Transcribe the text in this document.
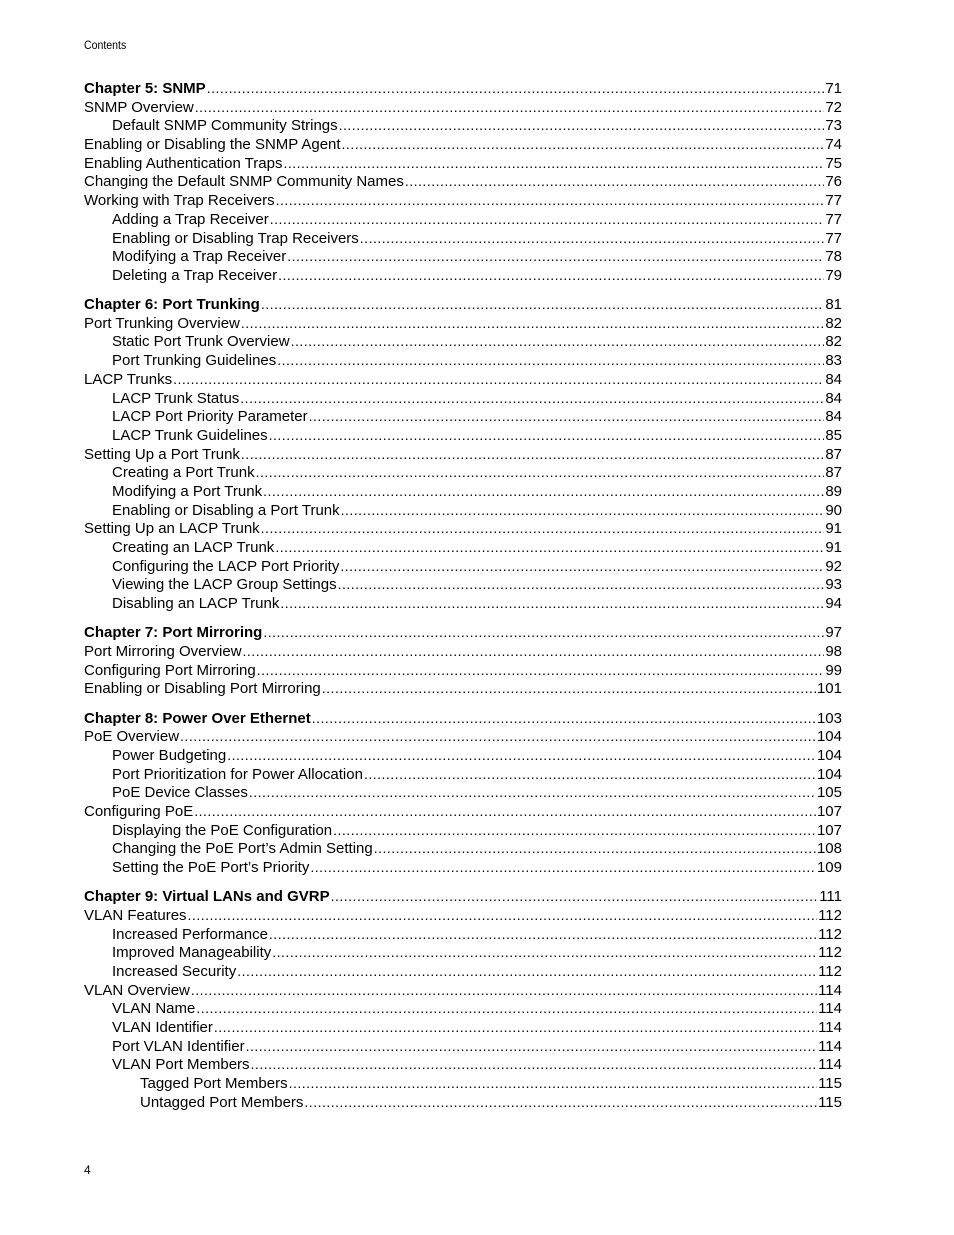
Contents
Chapter 5: SNMP .....	71
SNMP Overview .....	72
Default SNMP Community Strings .....	73
Enabling or Disabling the SNMP Agent .....	74
Enabling Authentication Traps .....	75
Changing the Default SNMP Community Names .....	76
Working with Trap Receivers .....	77
Adding a Trap Receiver .....	77
Enabling or Disabling Trap Receivers .....	77
Modifying a Trap Receiver .....	78
Deleting a Trap Receiver .....	79
Chapter 6: Port Trunking .....	81
Port Trunking Overview .....	82
Static Port Trunk Overview .....	82
Port Trunking Guidelines .....	83
LACP Trunks .....	84
LACP Trunk Status .....	84
LACP Port Priority Parameter .....	84
LACP Trunk Guidelines .....	85
Setting Up a Port Trunk .....	87
Creating a Port Trunk .....	87
Modifying a Port Trunk .....	89
Enabling or Disabling a Port Trunk .....	90
Setting Up an LACP Trunk .....	91
Creating an LACP Trunk .....	91
Configuring the LACP Port Priority .....	92
Viewing the LACP Group Settings .....	93
Disabling an LACP Trunk .....	94
Chapter 7: Port Mirroring .....	97
Port Mirroring Overview .....	98
Configuring Port Mirroring .....	99
Enabling or Disabling Port Mirroring .....	101
Chapter 8: Power Over Ethernet .....	103
PoE Overview .....	104
Power Budgeting .....	104
Port Prioritization for Power Allocation .....	104
PoE Device Classes .....	105
Configuring PoE .....	107
Displaying the PoE Configuration .....	107
Changing the PoE Port’s Admin Setting .....	108
Setting the PoE Port’s Priority .....	109
Chapter 9: Virtual LANs and GVRP .....	111
VLAN Features .....	112
Increased Performance .....	112
Improved Manageability .....	112
Increased Security .....	112
VLAN Overview .....	114
VLAN Name .....	114
VLAN Identifier .....	114
Port VLAN Identifier .....	114
VLAN Port Members .....	114
Tagged Port Members .....	115
Untagged Port Members .....	115
4
